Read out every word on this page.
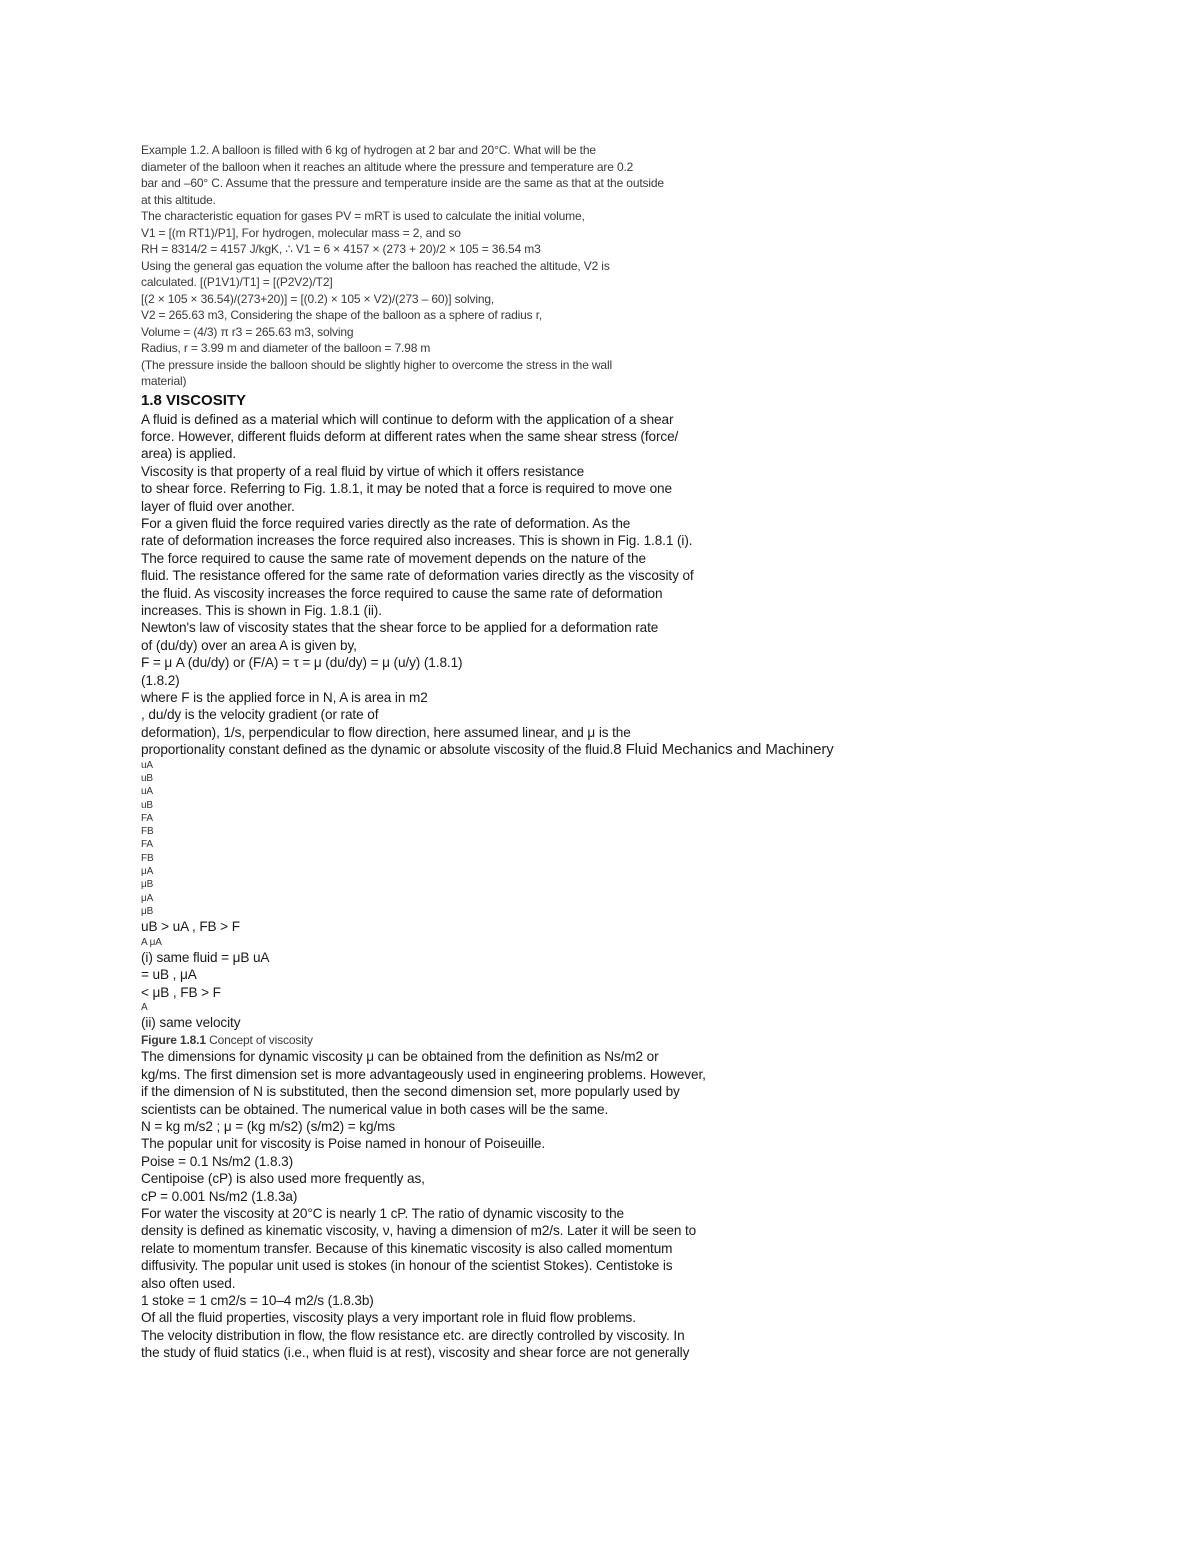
Example 1.2. A balloon is filled with 6 kg of hydrogen at 2 bar and 20°C. What will be the
diameter of the balloon when it reaches an altitude where the pressure and temperature are 0.2
bar and –60° C. Assume that the pressure and temperature inside are the same as that at the outside
at this altitude.
The characteristic equation for gases PV = mRT is used to calculate the initial volume,
V1 = [(m RT1)/P1], For hydrogen, molecular mass = 2, and so
RH = 8314/2 = 4157 J/kgK, ∴ V1 = 6 × 4157 × (273 + 20)/2 × 105 = 36.54 m3
Using the general gas equation the volume after the balloon has reached the altitude, V2 is
calculated. [(P1V1)/T1] = [(P2V2)/T2]
[(2 × 105 × 36.54)/(273+20)] = [(0.2) × 105 × V2)/(273 – 60)] solving,
V2 = 265.63 m3, Considering the shape of the balloon as a sphere of radius r,
Volume = (4/3) π r3 = 265.63 m3, solving
Radius, r = 3.99 m and diameter of the balloon = 7.98 m
(The pressure inside the balloon should be slightly higher to overcome the stress in the wall
material)
1.8 VISCOSITY
A fluid is defined as a material which will continue to deform with the application of a shear
force. However, different fluids deform at different rates when the same shear stress (force/
area) is applied.
Viscosity is that property of a real fluid by virtue of which it offers resistance
to shear force. Referring to Fig. 1.8.1, it may be noted that a force is required to move one
layer of fluid over another.
For a given fluid the force required varies directly as the rate of deformation. As the
rate of deformation increases the force required also increases. This is shown in Fig. 1.8.1 (i).
The force required to cause the same rate of movement depends on the nature of the
fluid. The resistance offered for the same rate of deformation varies directly as the viscosity of
the fluid. As viscosity increases the force required to cause the same rate of deformation
increases. This is shown in Fig. 1.8.1 (ii).
Newton's law of viscosity states that the shear force to be applied for a deformation rate
of (du/dy) over an area A is given by,
F = μ A (du/dy) or (F/A) = τ = μ (du/dy) = μ (u/y) (1.8.1)
(1.8.2)
where F is the applied force in N, A is area in m2
, du/dy is the velocity gradient (or rate of
deformation), 1/s, perpendicular to flow direction, here assumed linear, and μ is the
proportionality constant defined as the dynamic or absolute viscosity of the fluid.8 Fluid Mechanics and Machinery
uA
uB
uA
uB
FA
FB
FA
FB
μA
μB
μA
μB
uB > uA , FB > F
A μA
(i) same fluid = μB uA
= uB , μA
< μB , FB > F
A
(ii) same velocity
Figure 1.8.1 Concept of viscosity
The dimensions for dynamic viscosity μ can be obtained from the definition as Ns/m2 or
kg/ms. The first dimension set is more advantageously used in engineering problems. However,
if the dimension of N is substituted, then the second dimension set, more popularly used by
scientists can be obtained. The numerical value in both cases will be the same.
N = kg m/s2 ; μ = (kg m/s2) (s/m2) = kg/ms
The popular unit for viscosity is Poise named in honour of Poiseuille.
Poise = 0.1 Ns/m2 (1.8.3)
Centipoise (cP) is also used more frequently as,
cP = 0.001 Ns/m2 (1.8.3a)
For water the viscosity at 20°C is nearly 1 cP. The ratio of dynamic viscosity to the
density is defined as kinematic viscosity, ν, having a dimension of m2/s. Later it will be seen to
relate to momentum transfer. Because of this kinematic viscosity is also called momentum
diffusivity. The popular unit used is stokes (in honour of the scientist Stokes). Centistoke is
also often used.
1 stoke = 1 cm2/s = 10–4 m2/s (1.8.3b)
Of all the fluid properties, viscosity plays a very important role in fluid flow problems.
The velocity distribution in flow, the flow resistance etc. are directly controlled by viscosity. In
the study of fluid statics (i.e., when fluid is at rest), viscosity and shear force are not generally
